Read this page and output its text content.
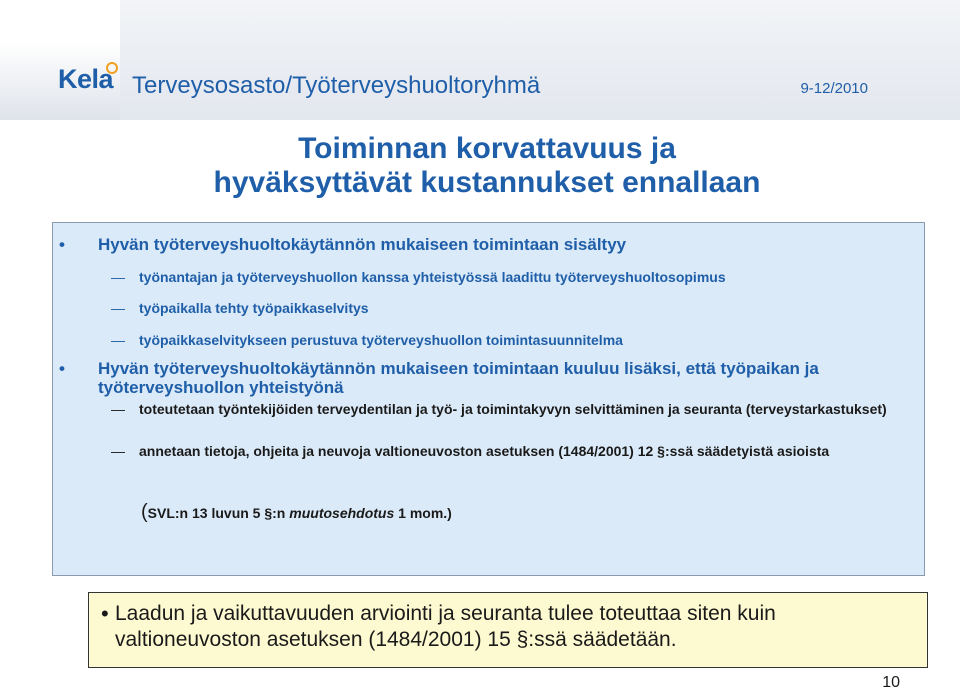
Kela Terveysosasto/Työterveyshuoltoryhmä	9-12/2010
Toiminnan korvattavuus ja
hyväksyttävät kustannukset ennallaan
• Hyvän työterveyshuoltokäytännön mukaiseen toimintaan sisältyy
— työnantajan ja työterveyshuollon kanssa yhteistyössä laadittu työterveyshuoltosopimus
— työpaikalla tehty työpaikkaselvitys
— työpaikkaselvitykseen perustuva työterveyshuollon toimintasuunnitelma
• Hyvän työterveyshuoltokäytännön mukaiseen toimintaan kuuluu lisäksi, että työpaikan ja työterveyshuollon yhteistyönä
— toteutetaan työntekijöiden terveydentilan ja työ- ja toimintakyvyn selvittäminen ja seuranta (terveystarkastukset)
— annetaan tietoja, ohjeita ja neuvoja valtioneuvoston asetuksen (1484/2001) 12 §:ssä säädetyistä asioista
(SVL:n 13 luvun 5 §:n muutosehdotus 1 mom.)
• Laadun ja vaikuttavuuden arviointi ja seuranta tulee toteuttaa siten kuin valtioneuvoston asetuksen (1484/2001) 15 §:ssä säädetään.
10
